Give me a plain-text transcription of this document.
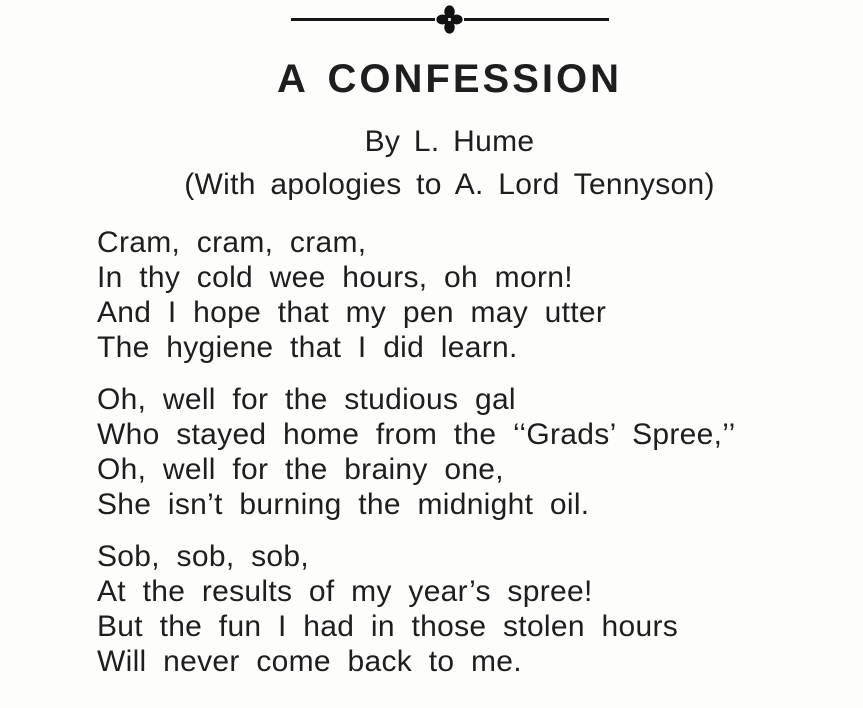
A CONFESSION

By L. Hume

(With apologies to A. Lord Tennyson)

Cram, cram, cram,

In thy cold wee hours, oh morn!

And I hope that my pen may utter

The hygiene that I did learn.

Oh, well for the studious gal

Who stayed home from the ‘‘Grads’ Spree,’’

Oh, well for the brainy one,

She isn’t burning the midnight oil.

Sob, sob, sob,

At the results of my year’s spree!

But the fun I had in those stolen hours

Will never come back to me.
